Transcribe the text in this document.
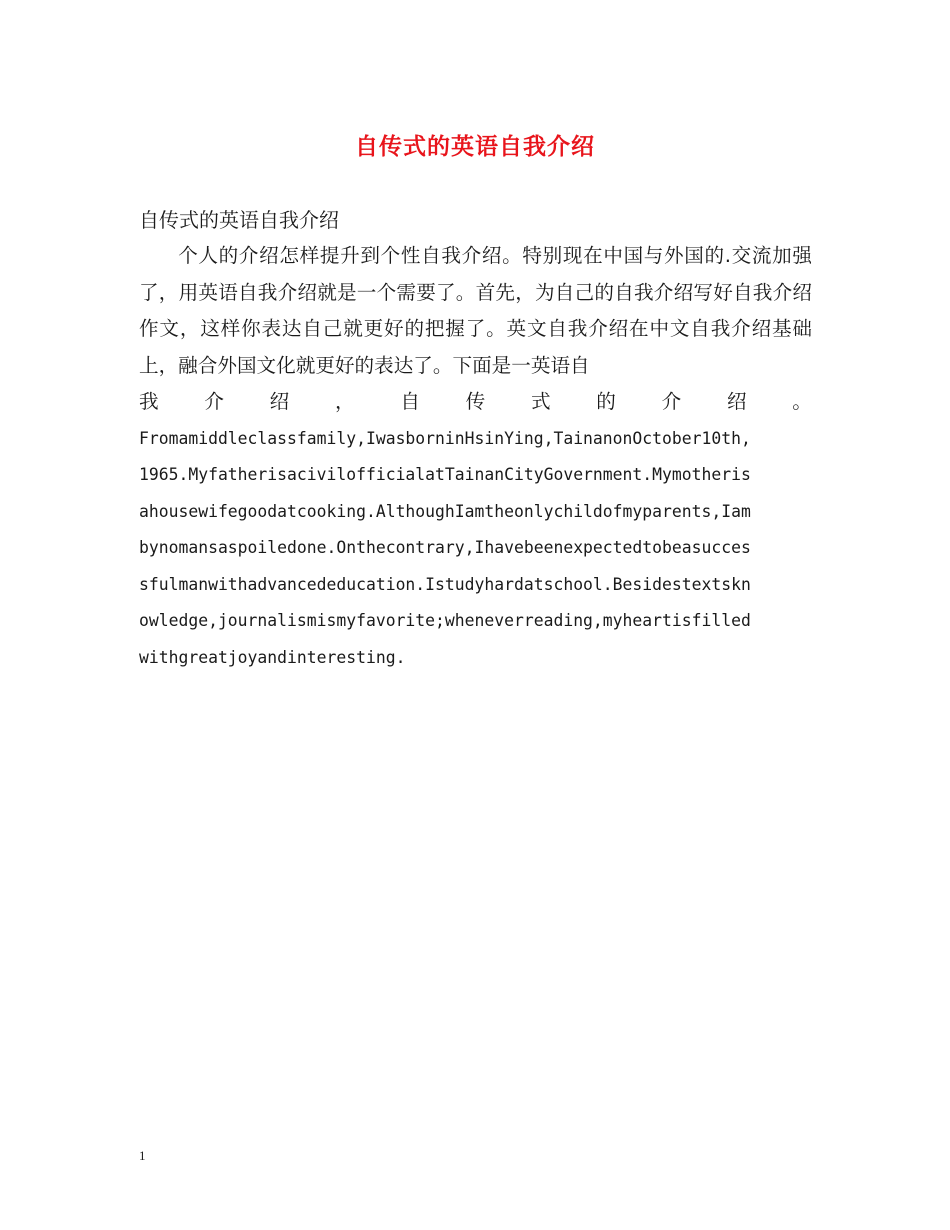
自传式的英语自我介绍

自传式的英语自我介绍

个人的介绍怎样提升到个性自我介绍。特别现在中国与外国的.交流加强了，用英语自我介绍就是一个需要了。首先，为自己的自我介绍写好自我介绍作文，这样你表达自己就更好的把握了。英文自我介绍在中文自我介绍基础上，融合外国文化就更好的表达了。下面是一英语自

我 介 绍 ， 自 传 式 的 介 绍 。

Fromamiddleclassfamily,IwasborninHsinYing,TainanonOctober10th,

1965.MyfatherisacivilofficialatTainanCityGovernment.Mymotheris

ahousewifegoodatcooking.AlthoughIamtheonlychildofmyparents,Iam

bynomansaspoiledone.Onthecontrary,Ihavebeenexpectedtobeasucces

sfulmanwithadvancededucation.Istudyhardatschool.Besidestextskn

owledge,journalismismyfavorite;wheneverreading,myheartisfilled

withgreatjoyandinteresting.

1
